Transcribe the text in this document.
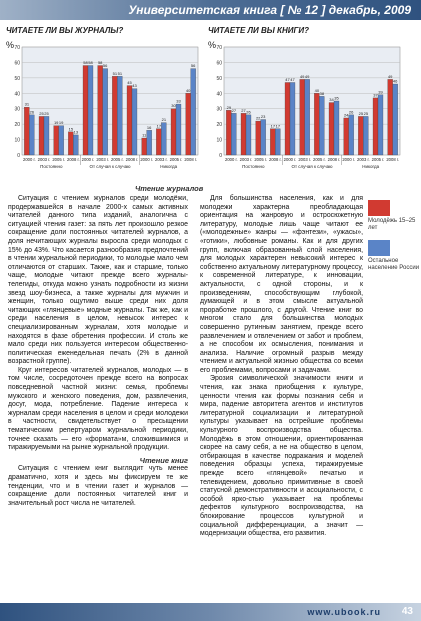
Университетская книга [ № 12 ] декабрь, 2009
ЧИТАЕТЕ ЛИ ВЫ ЖУРНАЛЫ?
%
0
10
20
30
40
50
60
70
31
26
2000 г.
25 25
2003 г.
19 19
2005 г.
15
13
2008 г.
58 58
2000 г.
58
56
2003 г.
51 51
2005 г.
45
43
2008 г.
11
16
2000 г.
17
21
2003 г.
30
33
2005 г.
40
56
2008 г.
Постоянно	От случая к случаю	Никогда
ЧИТАЕТЕ ЛИ ВЫ КНИГИ?
%
0
10
20
30
40
50
60
70
29
27
2000 г.
27 26
2003 г.
22 23
2005 г.
17 17
2008 г.
47 47
2000 г.
49 49
2003 г.
40
38
2005 г.
34 35
2008 г.
24
26
2000 г.
25 25
2003 г.
37
39
2005 г.
49
46
2008 г.
Постоянно	От случая к случаю	Никогда
Молодёжь 15–25 лет
Остальное население России
Чтение журналов

Ситуация с чтением журналов среди молодёжи, продержавшейся в начале 2000-х самых активных читателей данного типа изданий, аналогична с ситуацией чтения газет: за пять лет произошло резкое сокращение доли постоянных читателей журналов, а доля нечитающих журналы выросла среди молодых с 15% до 43%. Что касается разнообразия предпочтений в чтении журнальной периодики, то молодые мало чем отличаются от старших. Также, как и старшие, только чаще, молодые читают прежде всего журналы-телегиды, откуда можно узнать подробности из жизни звезд шоу-бизнеса, а также журналы для мужчин и женщин, только ощутимо выше среди них доля читающих «глянцевые» модные журналы. Так же, как и среди населения в целом, невысок интерес к специализированным журналам, хотя молодые и находятся в фазе обретения профессии. И столь же мало среди них пользуется интересом общественно-политическая еженедельная печать (2% в данной возрастной группе).

Круг интересов читателей журналов, молодых — в том числе, сосредоточен прежде всего на вопросах повседневной частной жизни: семья, проблемы мужского и женского поведения, дом, развлечения, досуг, мода, потребление. Падение интереса к журналам среди населения в целом и среди молодежи в частности, свидетельствует о пресыщении тематическим репертуаром журнальной периодики, точнее сказать — его «формата»м, сложившимися и тиражируемыми на рынке журнальной продукции.

Чтение книг

Ситуация с чтением книг выглядит чуть менее драматично, хотя и здесь мы фиксируем те же тенденции, что и в чтении газет и журналов — сокращение доли постоянных читателей книг и значительный рост числа не читателей.

Для большинства населения, как и для молодежи характерна преобладающая ориентация на жанровую и остросюжетную литературу, молодые лишь чаще читают ее («молодежные» жанры — «фэнтези», «ужасы», «готики», любовные романы. Как и для других групп, включая образованный слой населения, для молодых характерен невысокий интерес к собственно актуальному литературному процессу, к современной литературе, к инновации, актуальности, с одной стороны, и к произведениям, способствующим глубокой, думающей и в этом смысле актуальной проработке прошлого, с другой. Чтение книг во многом стало для большинства молодых совершенно рутинным занятием, прежде всего развлечением и отвлечением от забот и проблем, а не способом их осмысления, понимания и анализа. Наличие огромный разрыв между чтением и актуальной жизнью общества со всеми его проблемами, вопросами и задачами.

Эрозия символической значимости книги и чтения, как знака приобщения к культуре, ценности чтения как формы познания себя и мира, падение авторитета агентов и институтов литературной социализации и литературной культуры указывает на острейшие проблемы культурного воспроизводства общества. Молодёжь в этом отношении, ориентированная скорее на саму себя, а не на общество в целом, отбирающая в качестве подражания и моделей поведения образцы успеха, тиражируемые прежде всего «глянцевой» печатью и телевидением, довольно примитивные в своей статусной демонстративности и асоциальности, с особой ярко-стью указывает на проблемы дефектов культурного воспроизводства, на блокирование процессов культурной и социальной дифференциации, а значит — модернизации общества, его развития.

www.ubook.ru 43
